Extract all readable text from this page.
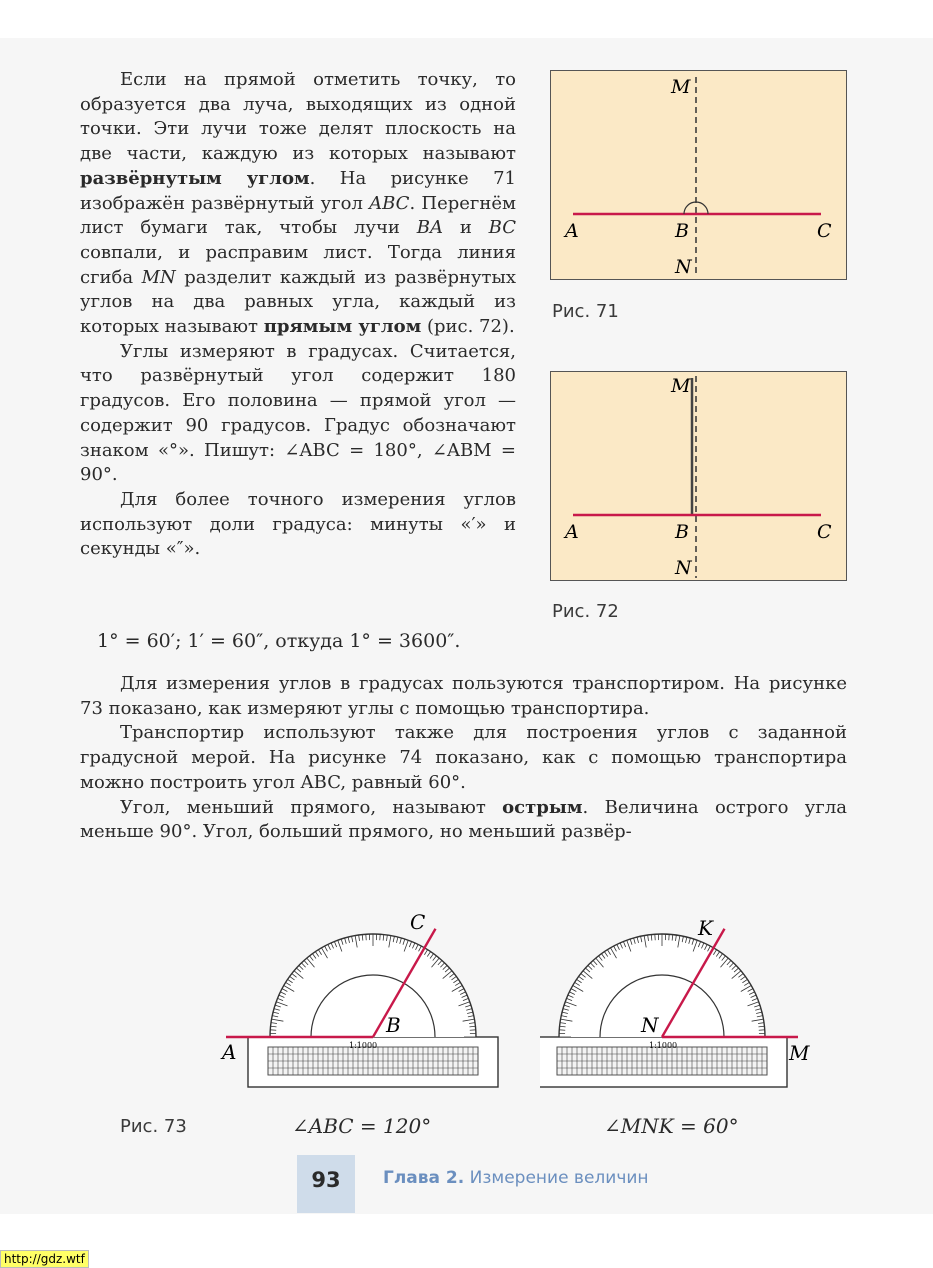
Если на прямой отметить точку, то образуется два луча, выходящих из одной точки. Эти лучи тоже делят плоскость на две части, каждую из которых называют развёрнутым углом. На рисунке 71 изображён развёрнутый угол ABC. Перегнём лист бумаги так, чтобы лучи BA и BC совпали, и расправим лист. Тогда линия сгиба MN разделит каждый из развёрнутых углов на два равных угла, каждый из которых называют прямым углом (рис. 72).

Углы измеряют в градусах. Считается, что развёрнутый угол содержит 180 градусов. Его половина — прямой угол — содержит 90 градусов. Градус обозначают знаком «°». Пишут: ∠ABC = 180°, ∠ABM = 90°.

Для более точного измерения углов используют доли градуса: минуты «′» и секунды «″».

1° = 60′; 1′ = 60″, откуда 1° = 3600″.

Для измерения углов в градусах пользуются транспортиром. На рисунке 73 показано, как измеряют углы с помощью транспортира.

Транспортир используют также для построения углов с заданной градусной мерой. На рисунке 74 показано, как с помощью транспортира можно построить угол ABC, равный 60°.

Угол, меньший прямого, называют острым. Величина острого угла меньше 90°. Угол, больший прямого, но меньший развёр-

M
A	B	C
N
Рис. 71
M
A	B	C
N
Рис. 72
C
B
A	1:1000
K
N
M
1:1000
Рис. 73	∠ABC = 120°	∠MNK = 60°
93	Глава 2. Измерение величин
http://gdz.wtf
